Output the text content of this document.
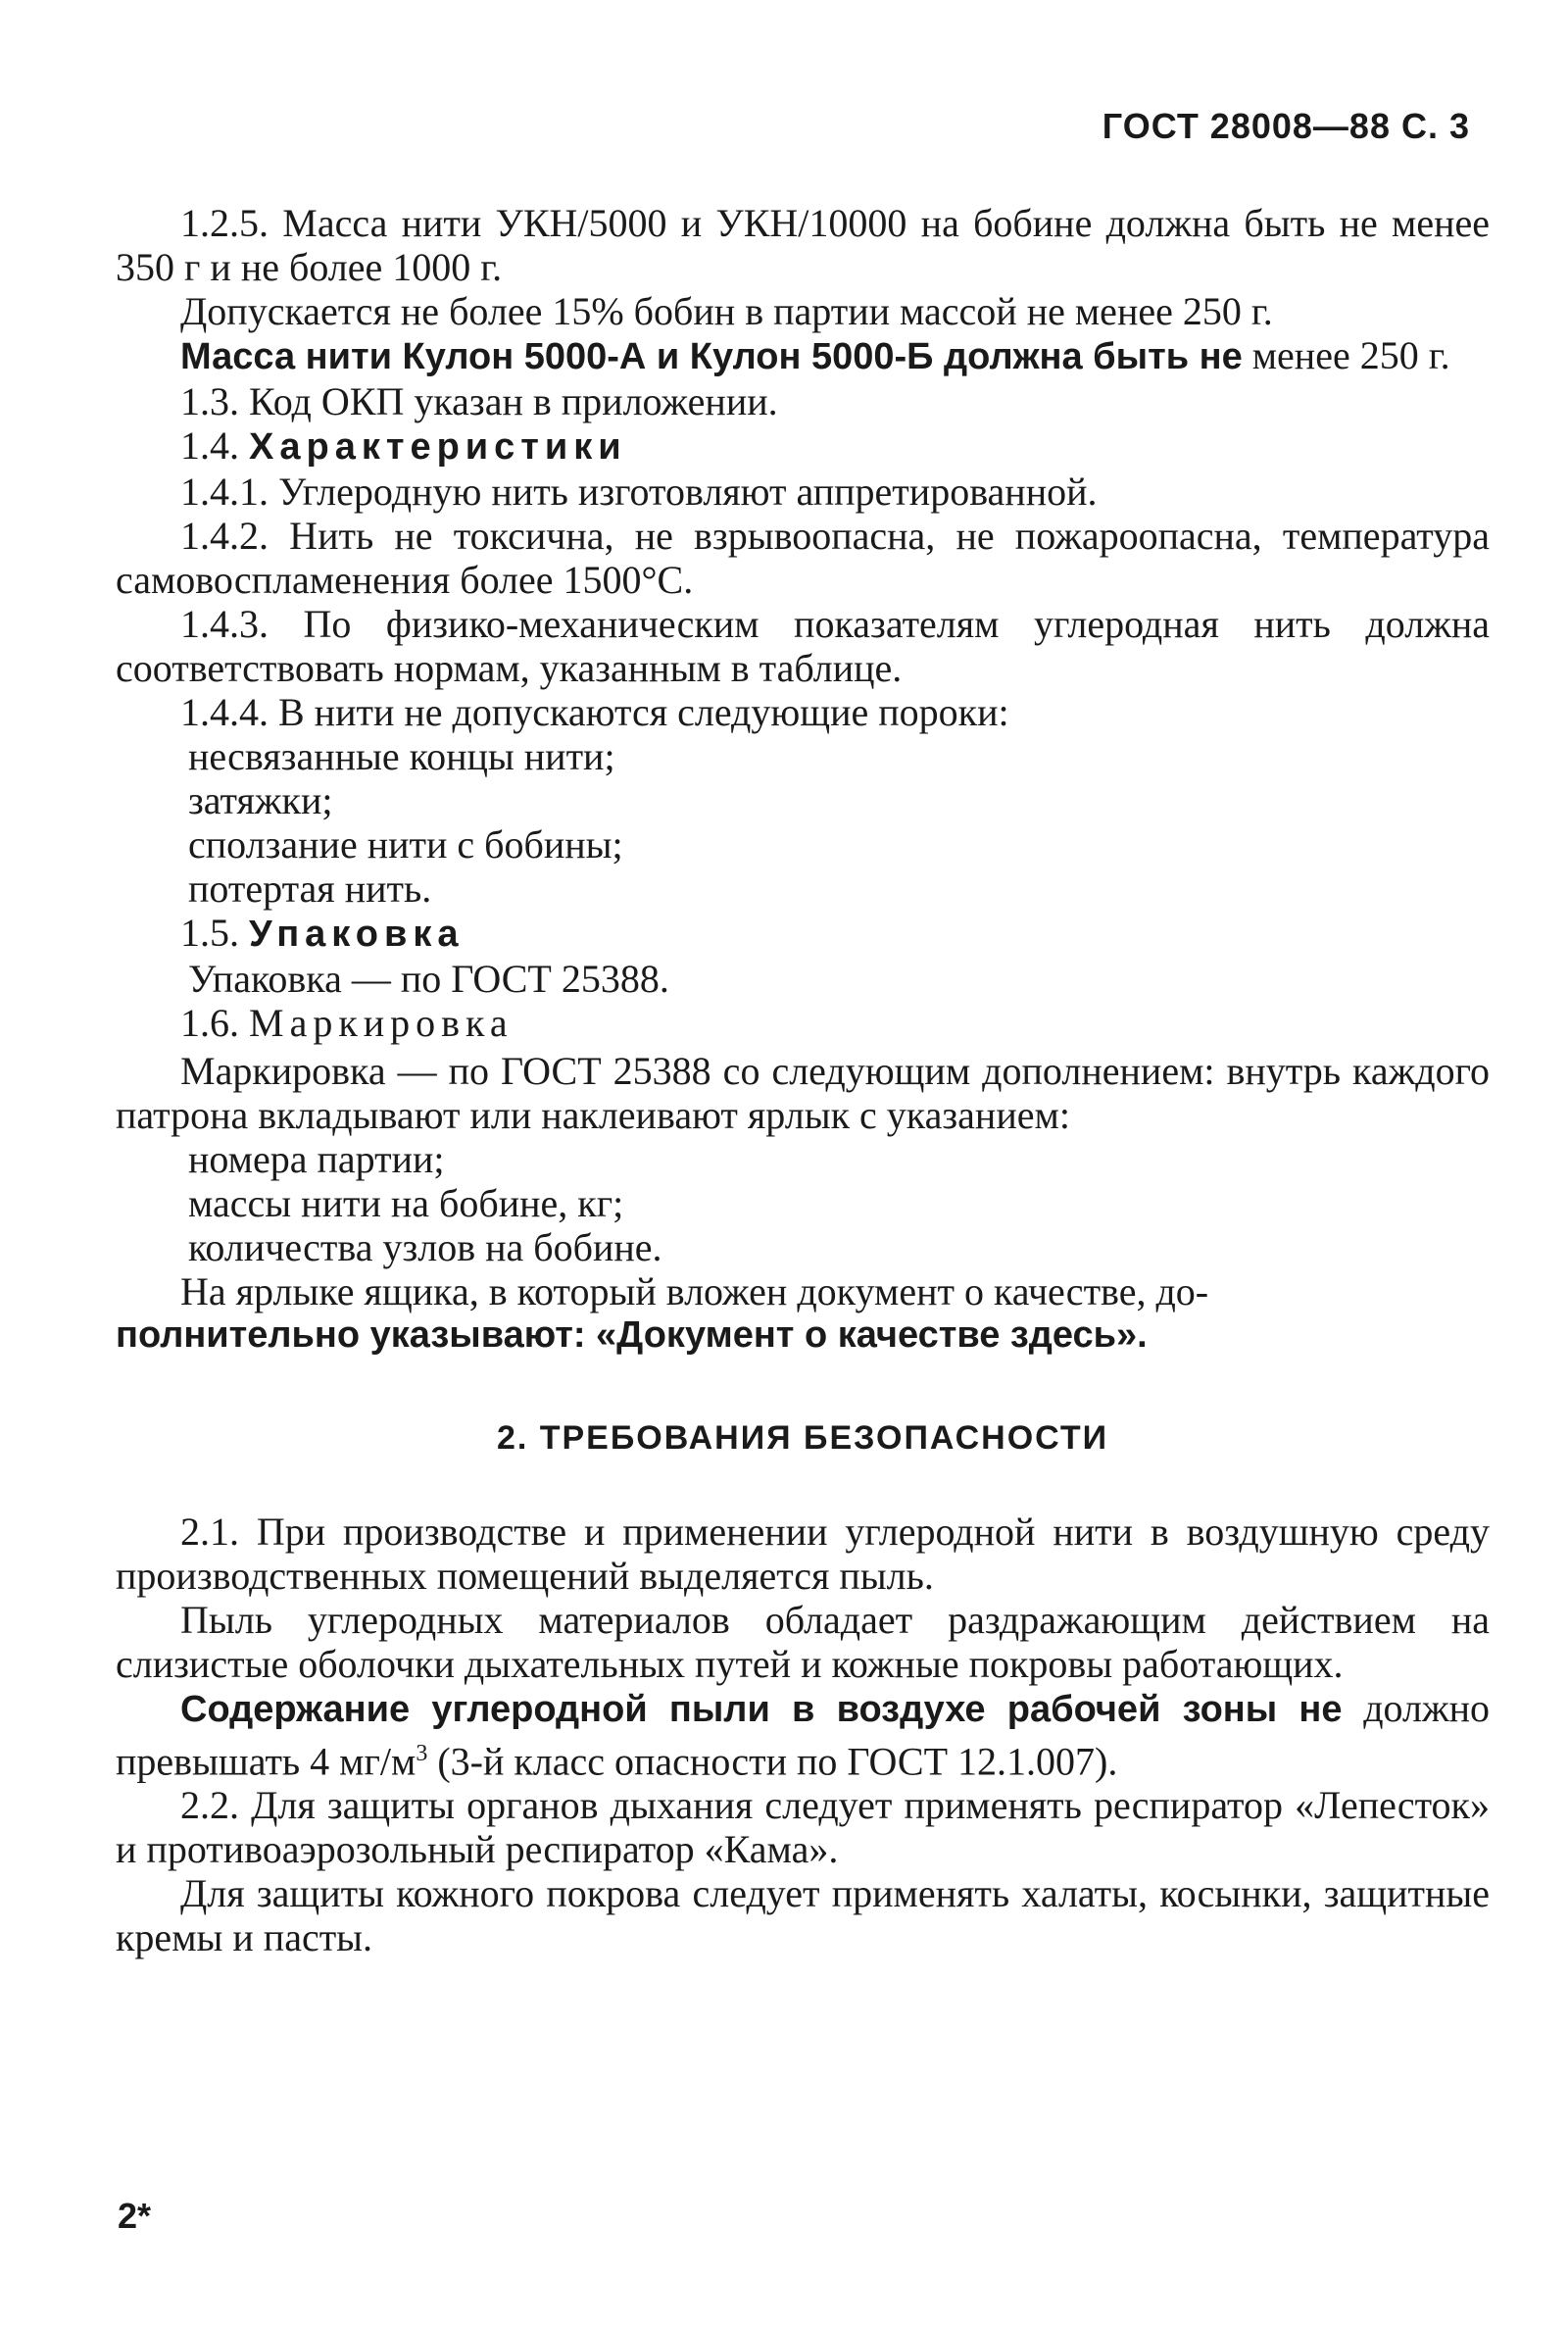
ГОСТ 28008—88 С. 3

1.2.5. Масса нити УКН/5000 и УКН/10000 на бобине должна быть не менее 350 г и не более 1000 г.

Допускается не более 15% бобин в партии массой не менее 250 г.

Масса нити Кулон 5000-А и Кулон 5000-Б должна быть не менее 250 г.

1.3. Код ОКП указан в приложении.

1.4. Характеристики

1.4.1. Углеродную нить изготовляют аппретированной.

1.4.2. Нить не токсична, не взрывоопасна, не пожароопасна, температура самовоспламенения более 1500°С.

1.4.3. По физико-механическим показателям углеродная нить должна соответствовать нормам, указанным в таблице.

1.4.4. В нити не допускаются следующие пороки:

несвязанные концы нити;

затяжки;

сползание нити с бобины;

потертая нить.

1.5. Упаковка

Упаковка — по ГОСТ 25388.

1.6. Маркировка

Маркировка — по ГОСТ 25388 со следующим дополнением: внутрь каждого патрона вкладывают или наклеивают ярлык с указанием:

номера партии;

массы нити на бобине, кг;

количества узлов на бобине.

На ярлыке ящика, в который вложен документ о качестве, до-

полнительно указывают: «Документ о качестве здесь».

2. ТРЕБОВАНИЯ БЕЗОПАСНОСТИ

2.1. При производстве и применении углеродной нити в воздушную среду производственных помещений выделяется пыль.

Пыль углеродных материалов обладает раздражающим действием на слизистые оболочки дыхательных путей и кожные покровы работающих.

Содержание углеродной пыли в воздухе рабочей зоны не должно превышать 4 $мг/м^3$ (3-й класс опасности по ГОСТ 12.1.007).

2.2. Для защиты органов дыхания следует применять респиратор «Лепесток» и противоаэрозольный респиратор «Кама».

Для защиты кожного покрова следует применять халаты, косынки, защитные кремы и пасты.

2*
